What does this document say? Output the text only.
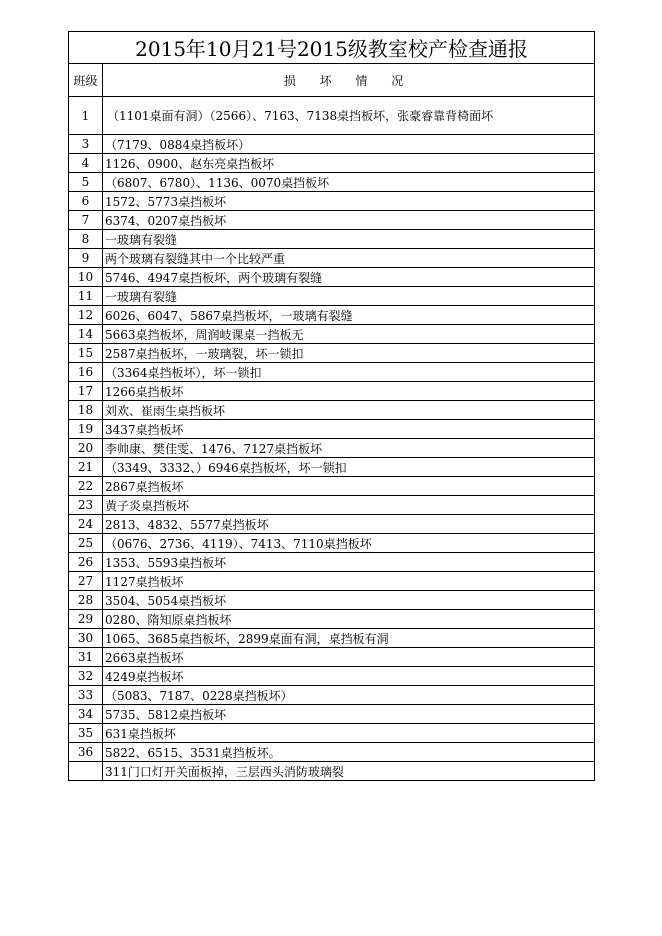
2015年10月21号2015级教室校产检查通报	
班级	损 坏 情 况
1	（1101桌面有洞）（2566）、7163、7138桌挡板坏，张豪睿靠背椅面坏
3	（7179、0884桌挡板坏）
4	1126、0900、赵东亮桌挡板坏
5	（6807、6780）、1136、0070桌挡板坏
6	1572、5773桌挡板坏
7	6374、0207桌挡板坏
8	一玻璃有裂缝
9	两个玻璃有裂缝其中一个比较严重
10	5746、4947桌挡板坏，两个玻璃有裂缝
11	一玻璃有裂缝
12	6026、6047、5867桌挡板坏，一玻璃有裂缝
14	5663桌挡板坏，周润岐课桌一挡板无
15	2587桌挡板坏，一玻璃裂，坏一锁扣
16	（3364桌挡板坏），坏一锁扣
17	1266桌挡板坏
18	刘欢、崔雨生桌挡板坏
19	3437桌挡板坏
20	李帅康、樊佳雯、1476、7127桌挡板坏
21	（3349、3332、）6946桌挡板坏，坏一锁扣
22	2867桌挡板坏
23	黄子炎桌挡板坏
24	2813、4832、5577桌挡板坏
25	（0676、2736、4119）、7413、7110桌挡板坏
26	1353、5593桌挡板坏
27	1127桌挡板坏
28	3504、5054桌挡板坏
29	0280、隋知原桌挡板坏
30	1065、3685桌挡板坏，2899桌面有洞，桌挡板有洞
31	2663桌挡板坏
32	4249桌挡板坏
33	（5083、7187、0228桌挡板坏）
34	5735、5812桌挡板坏
35	631桌挡板坏
36	5822、6515、3531桌挡板坏。
	311门口灯开关面板掉，三层西头消防玻璃裂
